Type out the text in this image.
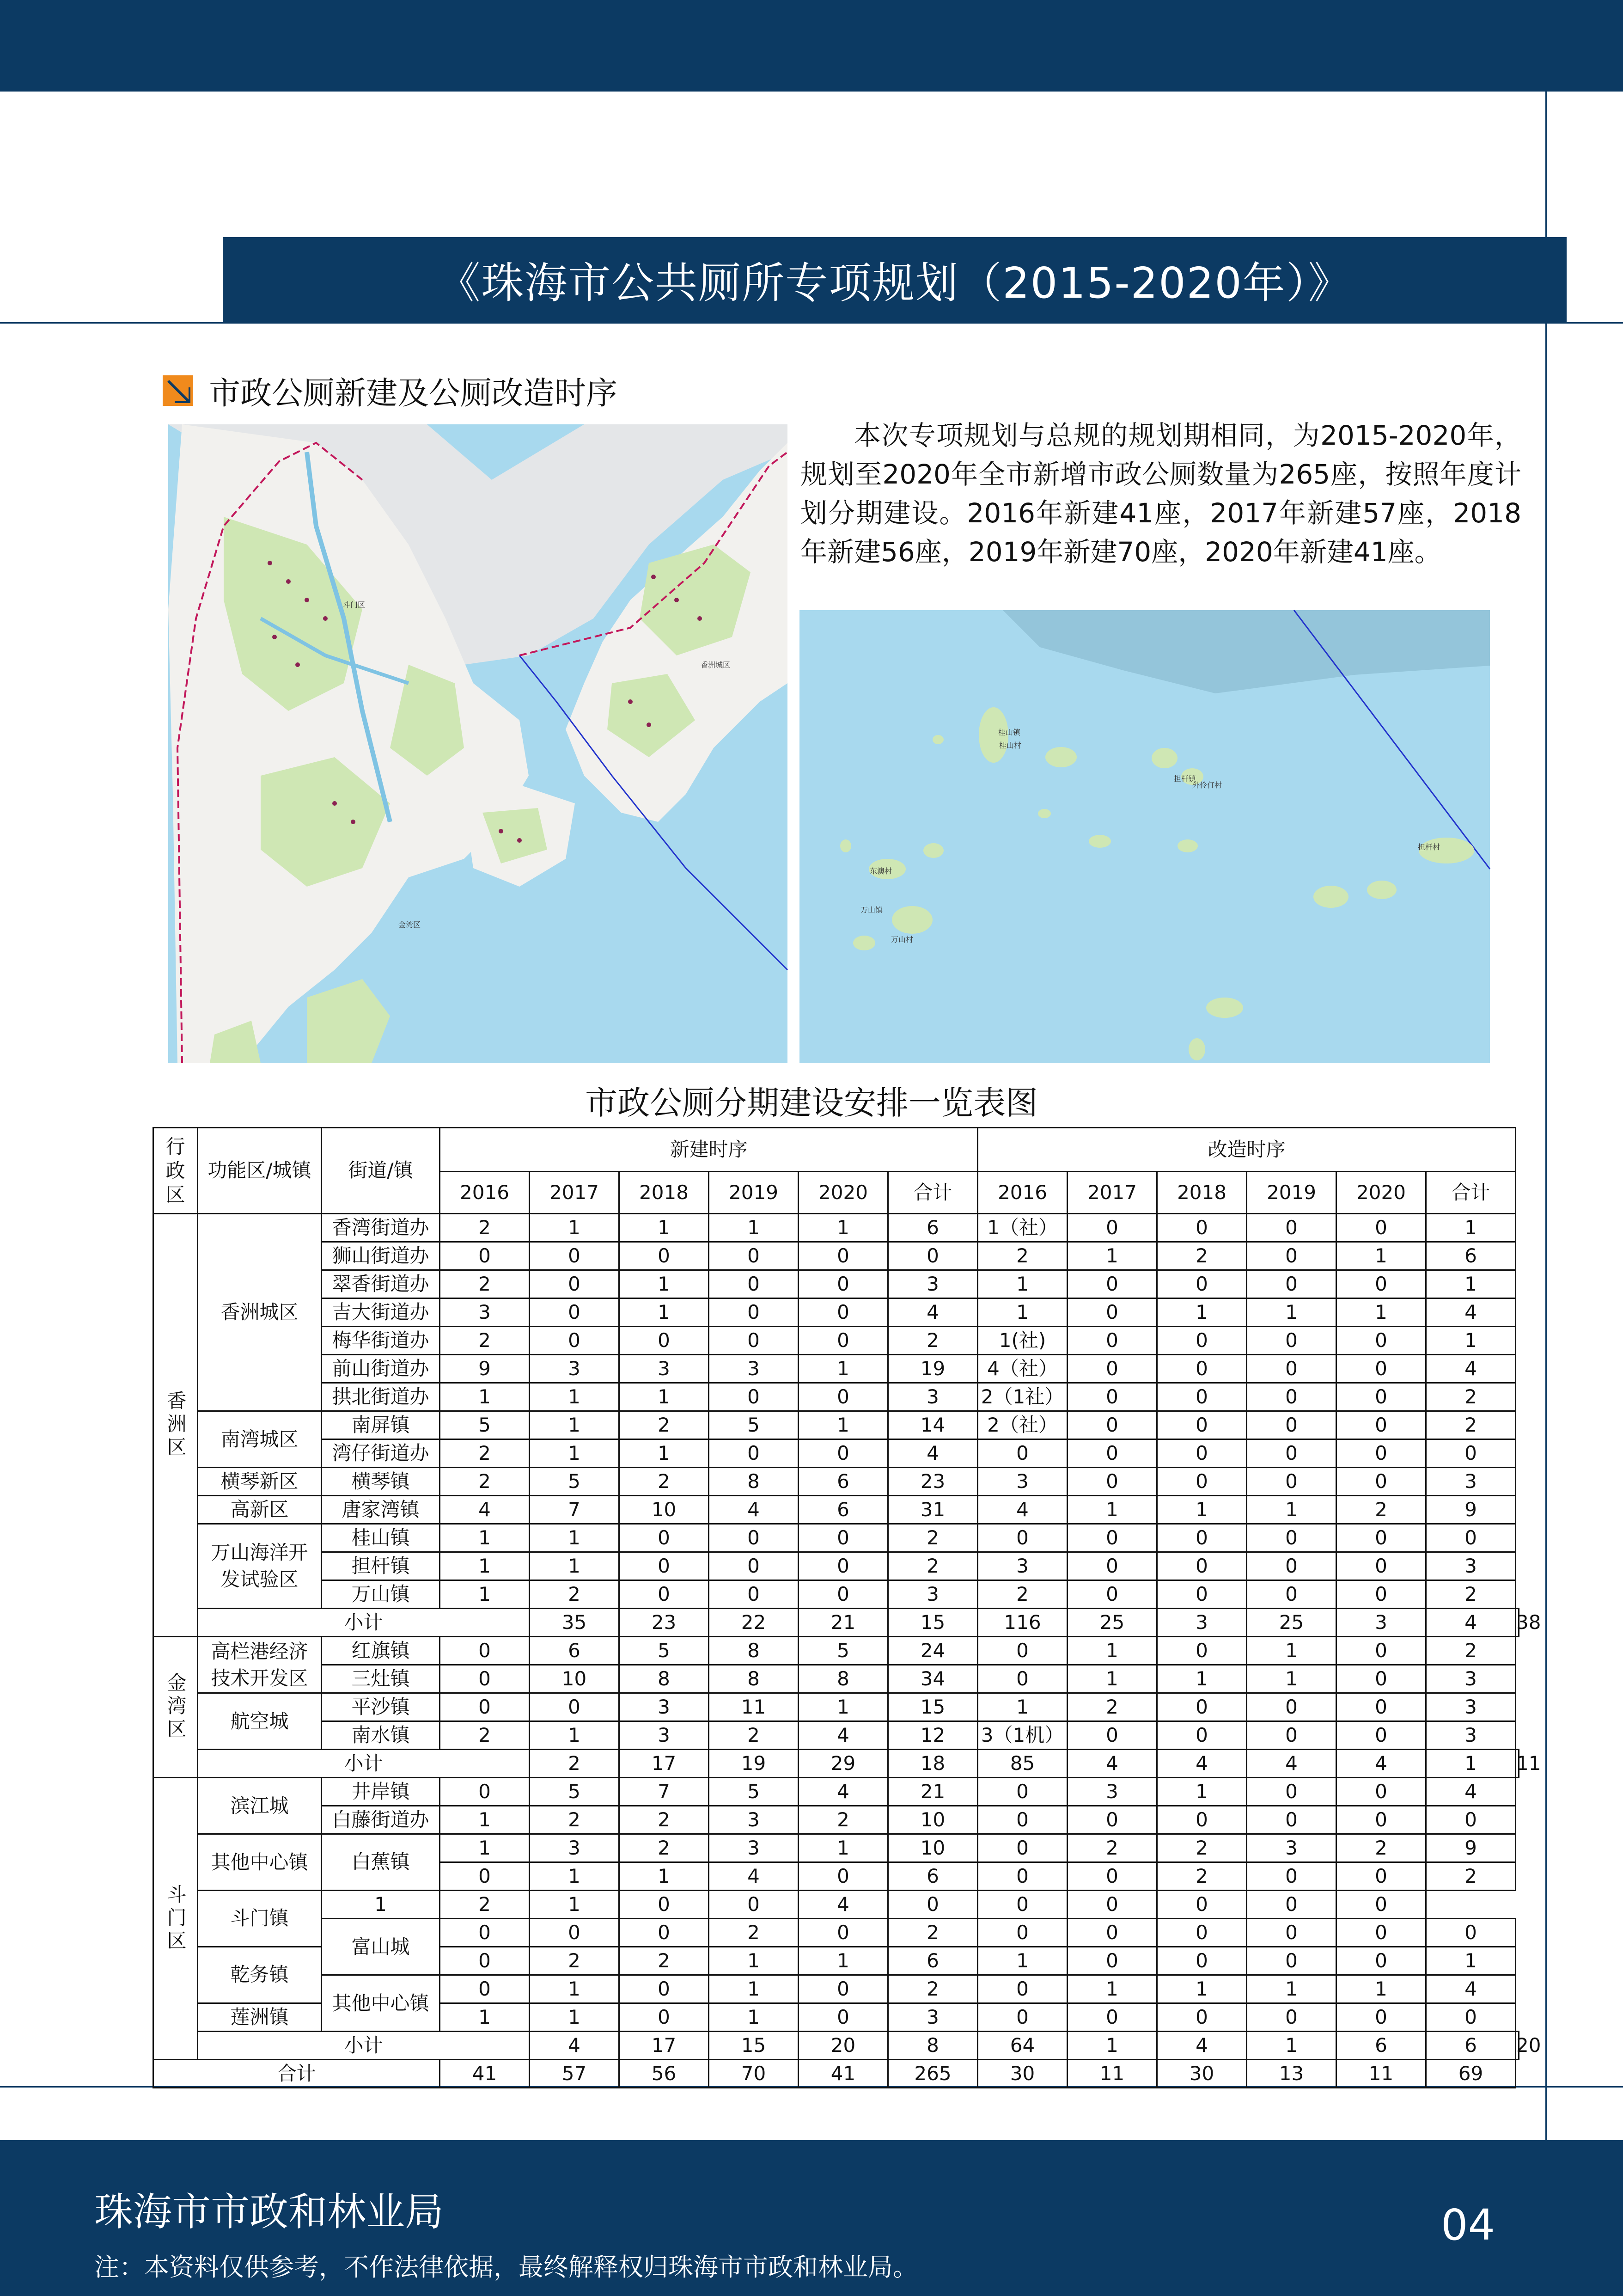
《珠海市公共厕所专项规划（2015-2020年）》
市政公厕新建及公厕改造时序
本次专项规划与总规的规划期相同，为2015-2020年，规划至2020年全市新增市政公厕数量为265座，按照年度计划分期建设。2016年新建41座，2017年新建57座，2018年新建56座，2019年新建70座，2020年新建41座。
斗门区
香洲城区
金湾区
桂山镇
桂山村
担杆镇
担杆村
东澳村
万山镇
万山村
外伶仃村
市政公厕分期建设安排一览表图
行政区	功能区/城镇	街道/镇	新建时序						改造时序						
			2016	2017	2018	2019	2020	合计	2016	2017	2018	2019	2020	合计	
香洲区	香洲城区	香湾街道办	2	1	1	1	1	6	1（社）	0	0	0	0	1	
		狮山街道办	0	0	0	0	0	0	2	1	2	0	1	6	
		翠香街道办	2	0	1	0	0	3	1	0	0	0	0	1	
		吉大街道办	3	0	1	0	0	4	1	0	1	1	1	4	
		梅华街道办	2	0	0	0	0	2	1(社)	0	0	0	0	1	
		前山街道办	9	3	3	3	1	19	4（社）	0	0	0	0	4	
		拱北街道办	1	1	1	0	0	3	2（1社）	0	0	0	0	2	
	南湾城区	南屏镇	5	1	2	5	1	14	2（社）	0	0	0	0	2	
		湾仔街道办	2	1	1	0	0	4	0	0	0	0	0	0	
	横琴新区	横琴镇	2	5	2	8	6	23	3	0	0	0	0	3	
	高新区	唐家湾镇	4	7	10	4	6	31	4	1	1	1	2	9	
	万山海洋开发试验区	桂山镇	1	1	0	0	0	2	0	0	0	0	0	0	
		担杆镇	1	1	0	0	0	2	3	0	0	0	0	3	
		万山镇	1	2	0	0	0	3	2	0	0	0	0	2	
	小计			35	23	22	21	15	116	25	3	25	3	4	38
金湾区	高栏港经济技术开发区	红旗镇	0	6	5	8	5	24	0	1	0	1	0	2	
		三灶镇	0	10	8	8	8	34	0	1	1	1	0	3	
	航空城	平沙镇	0	0	3	11	1	15	1	2	0	0	0	3	
		南水镇	2	1	3	2	4	12	3（1机）	0	0	0	0	3	
	小计			2	17	19	29	18	85	4	4	4	4	1	11
斗门区	滨江城	井岸镇	0	5	7	5	4	21	0	3	1	0	0	4	
		白藤街道办	1	2	2	3	2	10	0	0	0	0	0	0	
	其他中心镇	白蕉镇	1	3	2	3	1	10	0	2	2	3	2	9	
			0	1	1	4	0	6	0	0	2	0	0	2	
	斗门镇	1	2	1	0	0	4	0	0	0	0	0	0		
		富山城	0	0	0	2	0	2	0	0	0	0	0	0	
	乾务镇		0	2	2	1	1	6	1	0	0	0	0	1	
		其他中心镇	0	1	0	1	0	2	0	1	1	1	1	4	
	莲洲镇		1	1	0	1	0	3	0	0	0	0	0	0	
	小计			4	17	15	20	8	64	1	4	1	6	6	20
合计			41	57	56	70	41	265	30	11	30	13	11	69	
珠海市市政和林业局
注：本资料仅供参考，不作法律依据，最终解释权归珠海市市政和林业局。
04
